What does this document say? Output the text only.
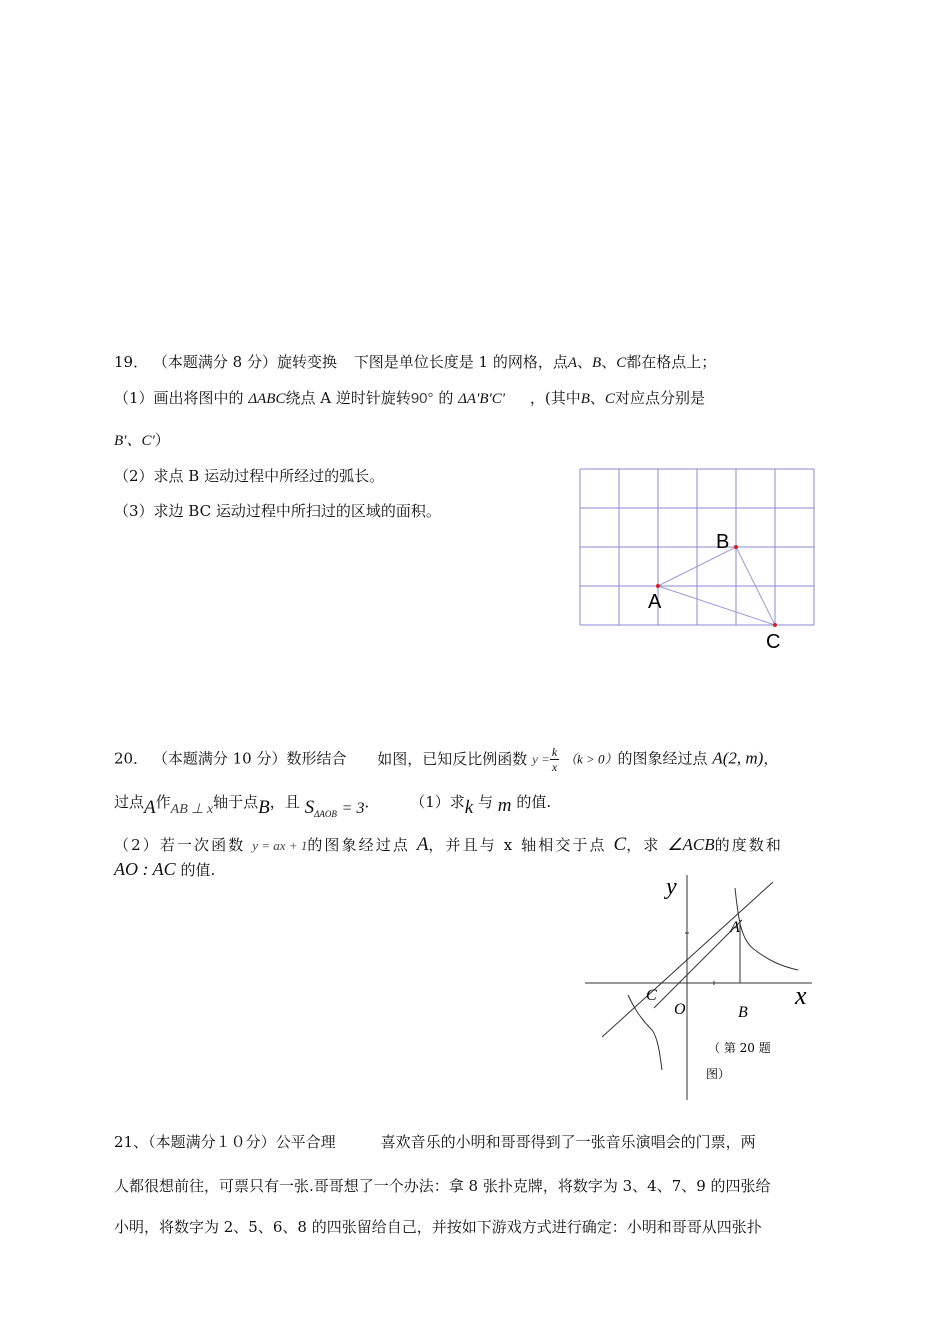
19． （本题满分 8 分）旋转变换 下图是单位长度是 1 的网格，点A、B、C都在格点上；
（1）画出将图中的 ΔABC绕点 A 逆时针旋转90° 的 ΔA′B′C′ ，(其中B、C对应点分别是
B′、C′）
（2）求点 B 运动过程中所经过的弧长。
（3）求边 BC 运动过程中所扫过的区域的面积。
A
B
C
20． （本题满分 10 分）数形结合 如图，已知反比例函数 $y = \frac{k}{x} (k > 0)$的图象经过点 A(2, m)，
过点A作AB ⊥ x轴于点B，且 $S_{\Delta AOB} = 3$． （1）求k 与 m 的值.
（2）若一次函数 y = ax + 1的图象经过点 A，并且与 x 轴相交于点 C，求 ∠ACB的度数和
AO : AC 的值.
y
x
A
B
C
O
（ 第 20 题
图）
21、（本题满分１０分）公平合理　　　喜欢音乐的小明和哥哥得到了一张音乐演唱会的门票，两
人都很想前往，可票只有一张.哥哥想了一个办法：拿 8 张扑克牌，将数字为 3、4、7、9 的四张给
小明，将数字为 2、5、6、8 的四张留给自己，并按如下游戏方式进行确定：小明和哥哥从四张扑
